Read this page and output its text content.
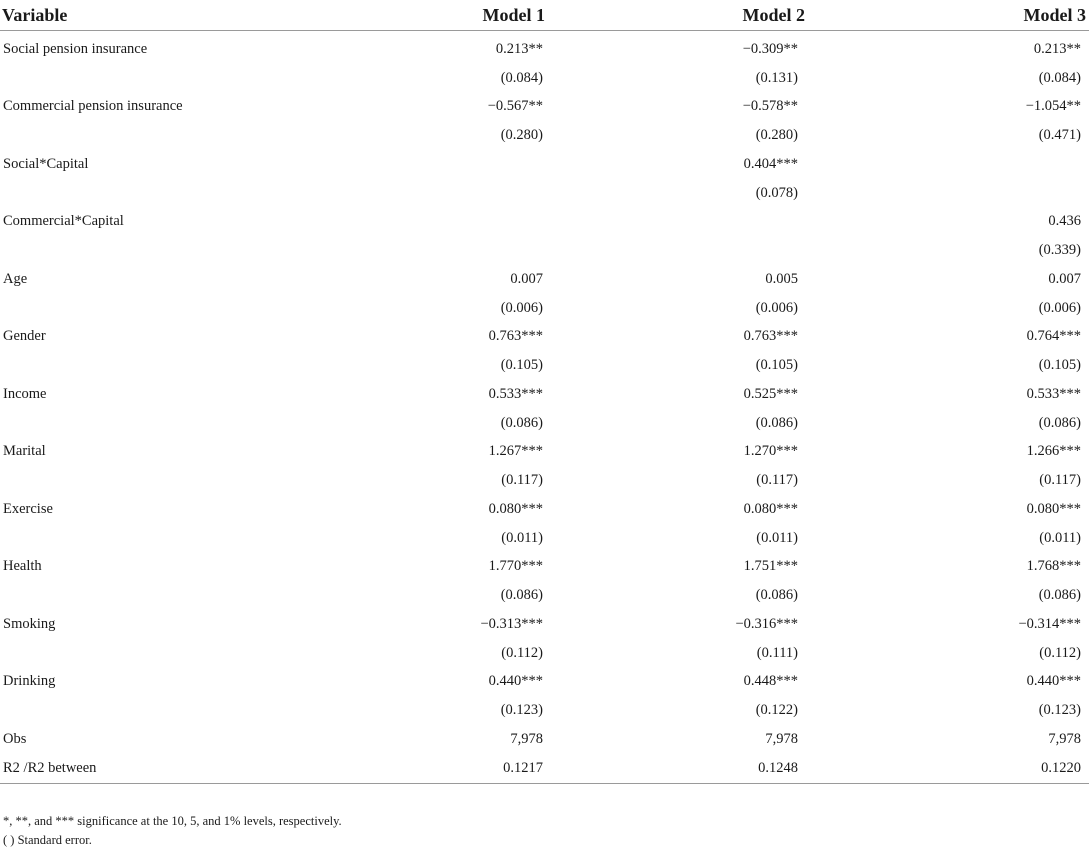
Variable	Model 1	Model 2	Model 3
Social pension insurance	0.213**	−0.309**	0.213**
	(0.084)	(0.131)	(0.084)
Commercial pension insurance	−0.567**	−0.578**	−1.054**
	(0.280)	(0.280)	(0.471)
Social*Capital		0.404***	
		(0.078)	
Commercial*Capital			0.436
			(0.339)
Age	0.007	0.005	0.007
	(0.006)	(0.006)	(0.006)
Gender	0.763***	0.763***	0.764***
	(0.105)	(0.105)	(0.105)
Income	0.533***	0.525***	0.533***
	(0.086)	(0.086)	(0.086)
Marital	1.267***	1.270***	1.266***
	(0.117)	(0.117)	(0.117)
Exercise	0.080***	0.080***	0.080***
	(0.011)	(0.011)	(0.011)
Health	1.770***	1.751***	1.768***
	(0.086)	(0.086)	(0.086)
Smoking	−0.313***	−0.316***	−0.314***
	(0.112)	(0.111)	(0.112)
Drinking	0.440***	0.448***	0.440***
	(0.123)	(0.122)	(0.123)
Obs	7,978	7,978	7,978
R2 /R2 between	0.1217	0.1248	0.1220
*, **, and *** significance at the 10, 5, and 1% levels, respectively.
( ) Standard error.
